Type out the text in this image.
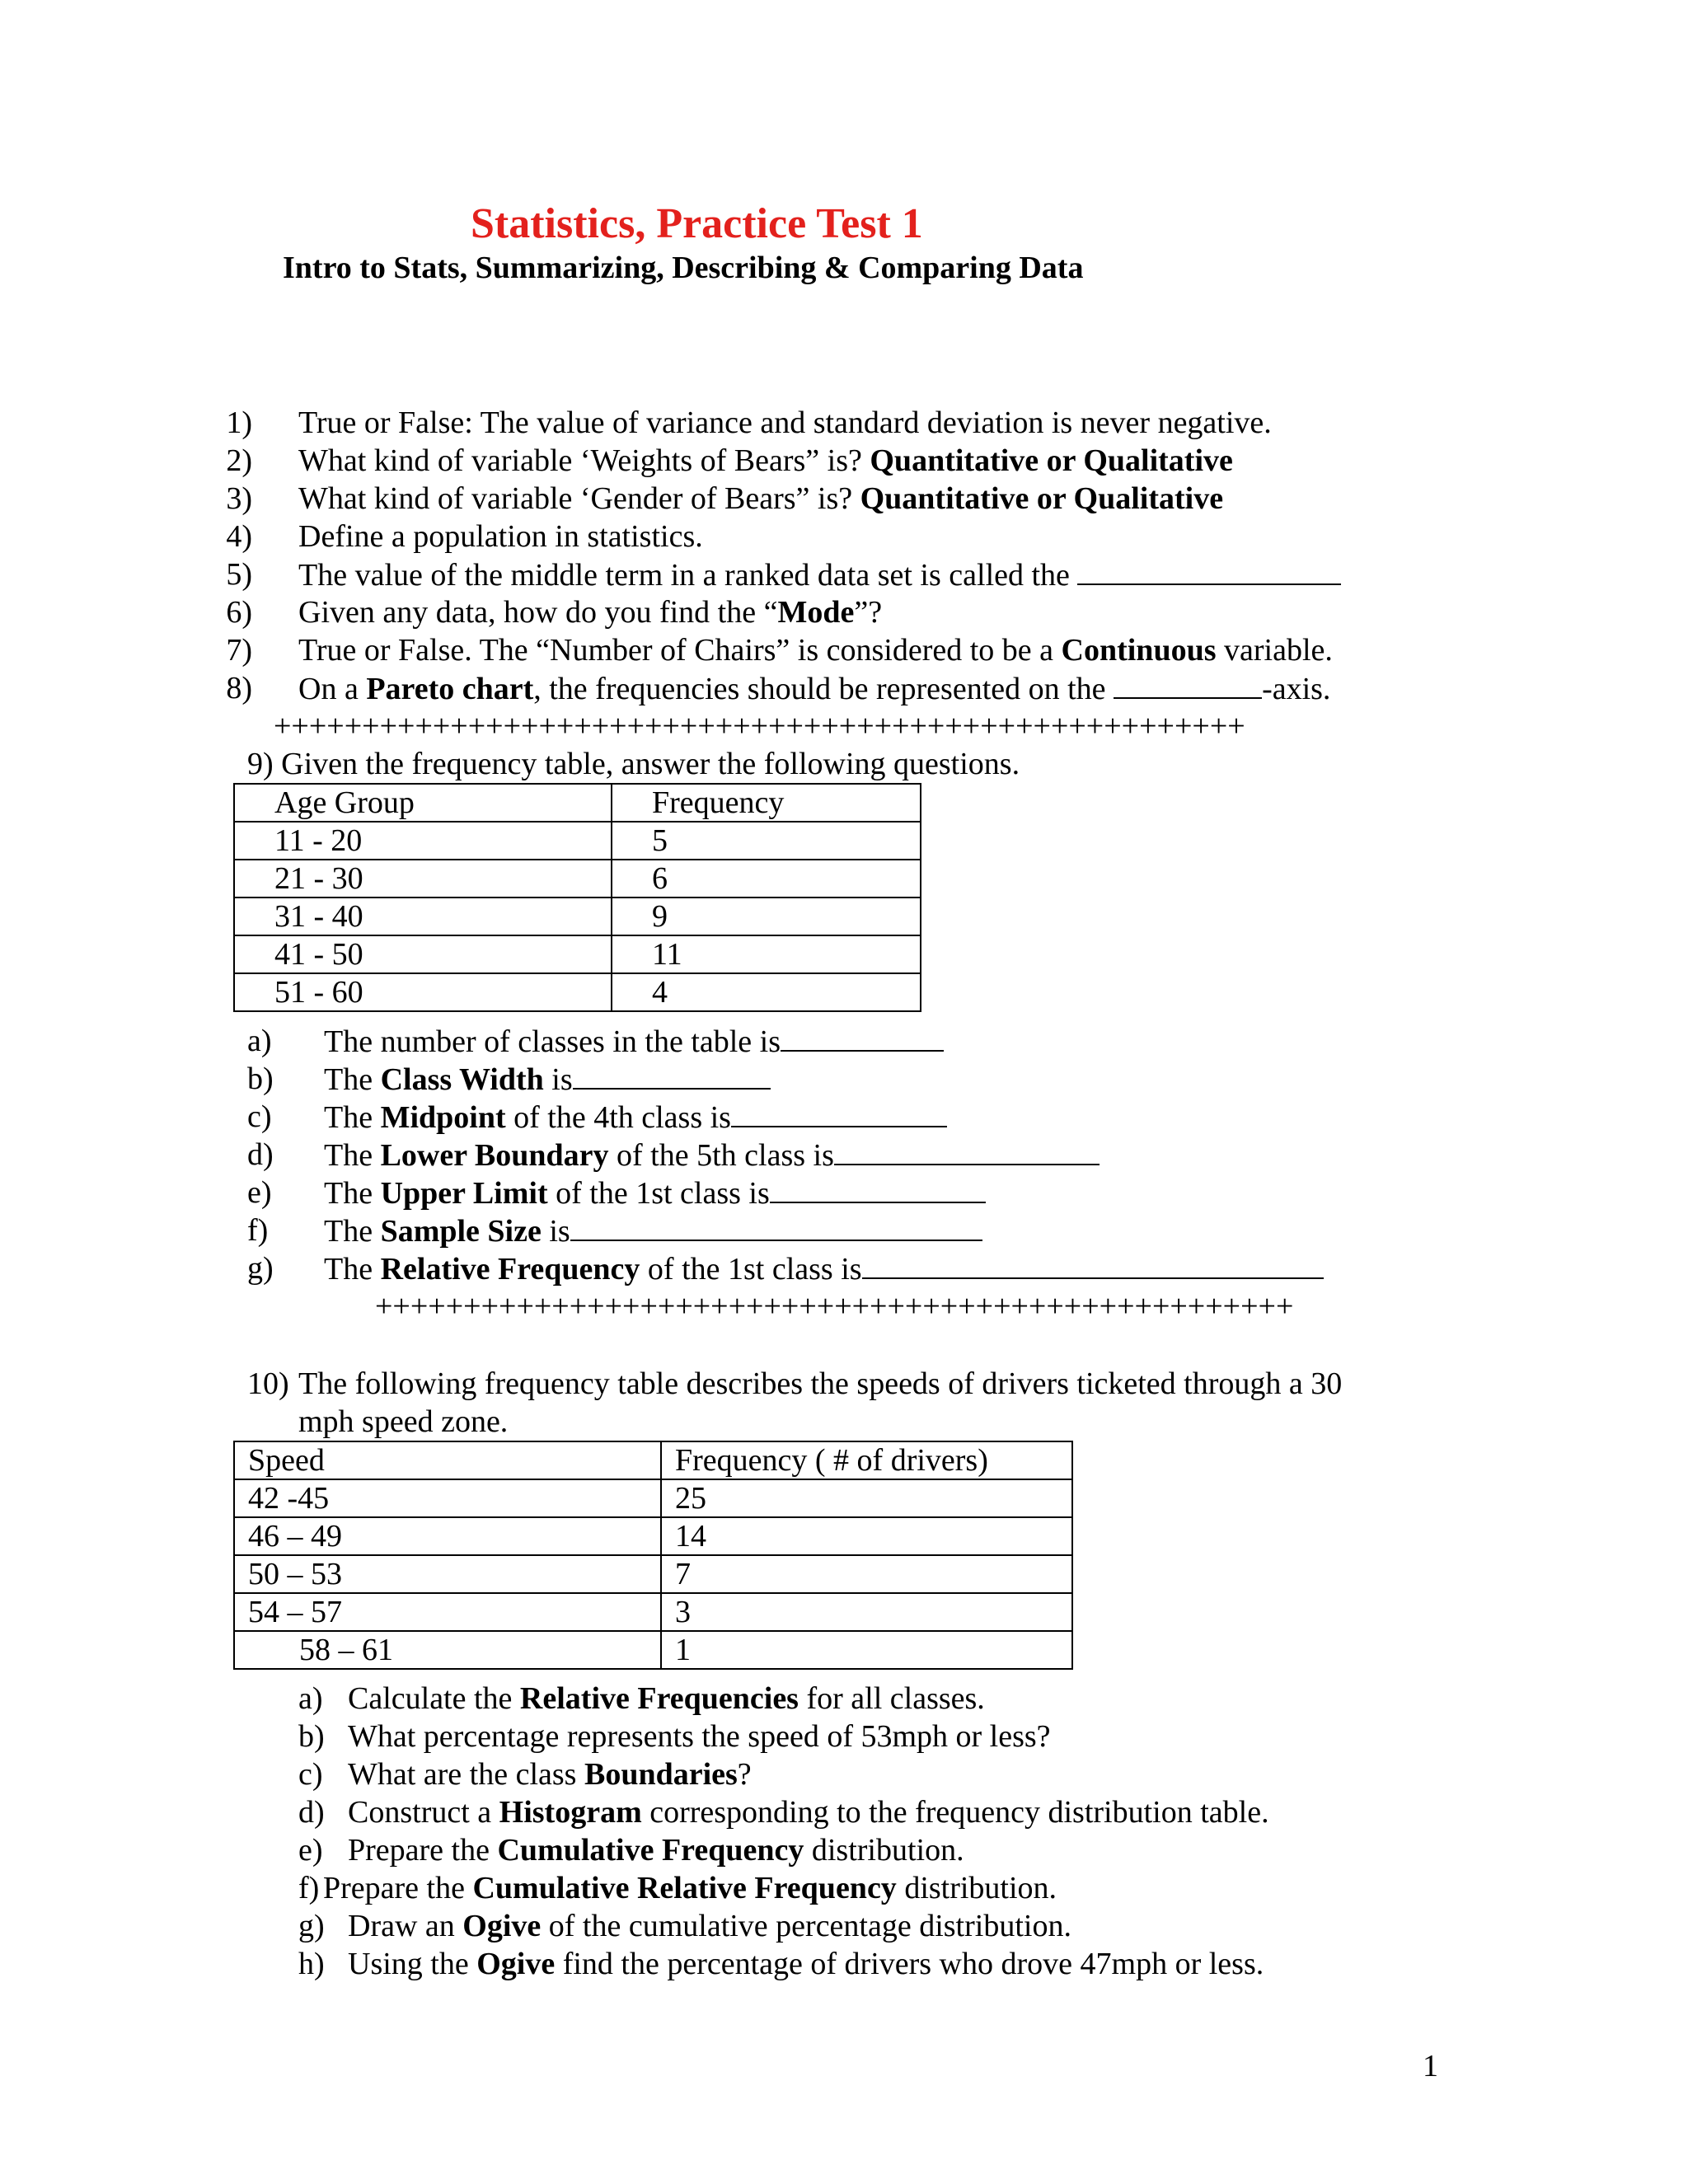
Statistics, Practice Test 1
Intro to Stats, Summarizing, Describing & Comparing Data
1) True or False: The value of variance and standard deviation is never negative.
2) What kind of variable ‘Weights of Bears” is? Quantitative or Qualitative
3) What kind of variable ‘Gender of Bears” is? Quantitative or Qualitative
4) Define a population in statistics.
5) The value of the middle term in a ranked data set is called the
6) Given any data, how do you find the “Mode”?
7) True or False. The “Number of Chairs” is considered to be a Continuous variable.
8) On a Pareto chart, the frequencies should be represented on the	-axis.
+++++++++++++++++++++++++++++++++++++++++++++++++++++++
9) Given the frequency table, answer the following questions.
Age Group	Frequency
11 - 20	5
21 - 30	6
31 - 40	9
41 - 50	11
51 - 60	4
a) The number of classes in the table is
b) The Class Width is
c) The Midpoint of the 4th class is
d) The Lower Boundary of the 5th class is
e) The Upper Limit of the 1st class is
f) The Sample Size is
g) The Relative Frequency of the 1st class is
++++++++++++++++++++++++++++++++++++++++++++++++++++
10) The following frequency table describes the speeds of drivers ticketed through a 30
mph speed zone.
Speed	Frequency ( # of drivers)
42 -45	25
46 – 49	14
50 – 53	7
54 – 57	3
58 – 61	1
a) Calculate the Relative Frequencies for all classes.
b) What percentage represents the speed of 53mph or less?
c) What are the class Boundaries?
d) Construct a Histogram corresponding to the frequency distribution table.
e) Prepare the Cumulative Frequency distribution.
f) Prepare the Cumulative Relative Frequency distribution.
g) Draw an Ogive of the cumulative percentage distribution.
h) Using the Ogive find the percentage of drivers who drove 47mph or less.
1
